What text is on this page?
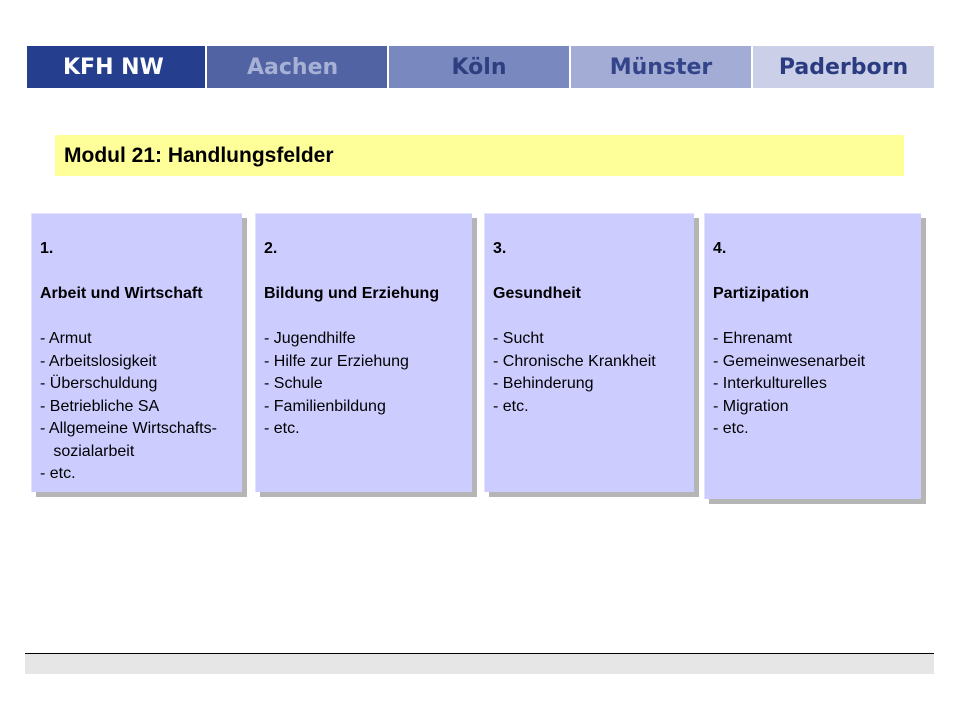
KFH NW	Aachen	Köln	Münster	Paderborn
Modul 21: Handlungsfelder
1.
Arbeit und Wirtschaft
- Armut
- Arbeitslosigkeit
- Überschuldung
- Betriebliche SA
- Allgemeine Wirtschafts-
sozialarbeit
- etc.
2.
Bildung und Erziehung
- Jugendhilfe
- Hilfe zur Erziehung
- Schule
- Familienbildung
- etc.
3.
Gesundheit
- Sucht
- Chronische Krankheit
- Behinderung
- etc.
4.
Partizipation
- Ehrenamt
- Gemeinwesenarbeit
- Interkulturelles
- Migration
- etc.
